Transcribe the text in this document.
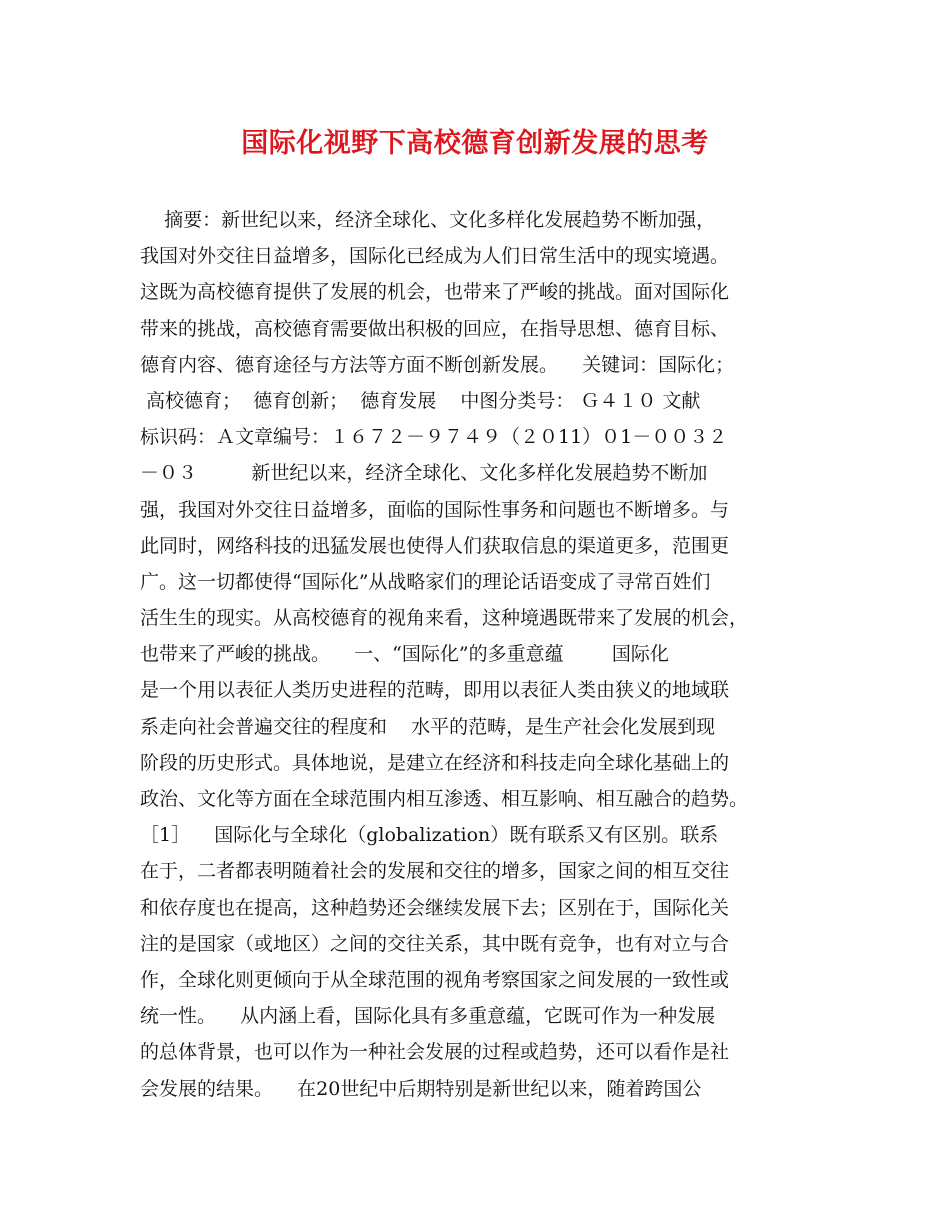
国际化视野下高校德育创新发展的思考
摘要：新世纪以来，经济全球化、文化多样化发展趋势不断加强，
我国对外交往日益增多，国际化已经成为人们日常生活中的现实境遇。
这既为高校德育提供了发展的机会，也带来了严峻的挑战。面对国际化
带来的挑战，高校德育需要做出积极的回应，在指导思想、德育目标、
德育内容、德育途径与方法等方面不断创新发展。    关键词：国际化；
高校德育；  德育创新；  德育发展    中图分类号： Ｇ４１０ 文献
标识码：Ａ文章编号：１６７２－９７４９（２０11）０1－００３２
－０３         新世纪以来，经济全球化、文化多样化发展趋势不断加
强，我国对外交往日益增多，面临的国际性事务和问题也不断增多。与
此同时，网络科技的迅猛发展也使得人们获取信息的渠道更多，范围更
广。这一切都使得“国际化”从战略家们的理论话语变成了寻常百姓们
活生生的现实。从高校德育的视角来看，这种境遇既带来了发展的机会，
也带来了严峻的挑战。    一、“国际化”的多重意蕴        国际化
是一个用以表征人类历史进程的范畴，即用以表征人类由狭义的地域联
系走向社会普遍交往的程度和    水平的范畴，是生产社会化发展到现
阶段的历史形式。具体地说，是建立在经济和科技走向全球化基础上的
政治、文化等方面在全球范围内相互渗透、相互影响、相互融合的趋势。
［1］    国际化与全球化（globalization）既有联系又有区别。联系
在于，二者都表明随着社会的发展和交往的增多，国家之间的相互交往
和依存度也在提高，这种趋势还会继续发展下去；区别在于，国际化关
注的是国家（或地区）之间的交往关系，其中既有竞争，也有对立与合
作，全球化则更倾向于从全球范围的视角考察国家之间发展的一致性或
统一性。    从内涵上看，国际化具有多重意蕴，它既可作为一种发展
的总体背景，也可以作为一种社会发展的过程或趋势，还可以看作是社
会发展的结果。    在20世纪中后期特别是新世纪以来，随着跨国公
